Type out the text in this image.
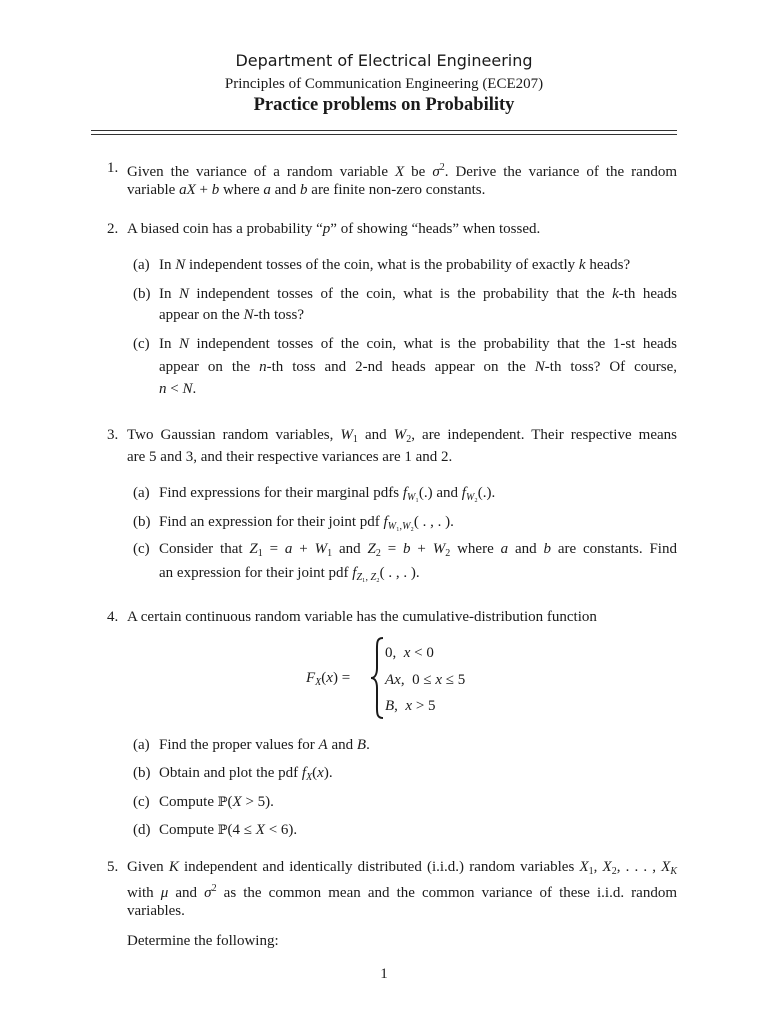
Department of Electrical Engineering
Principles of Communication Engineering (ECE207)
Practice problems on Probability
1. Given the variance of a random variable X be $\sigma^2$. Derive the variance of the random
variable aX + b where a and b are finite non-zero constants.
2. A biased coin has a probability “p” of showing “heads” when tossed.
(a) In N independent tosses of the coin, what is the probability of exactly k heads?
(b) In N independent tosses of the coin, what is the probability that the k-th heads
appear on the N-th toss?
(c) In N independent tosses of the coin, what is the probability that the 1-st heads
appear on the n-th toss and 2-nd heads appear on the N-th toss? Of course,
n < N.
3. Two Gaussian random variables, $W_1$ and $W_2$, are independent. Their respective means
are 5 and 3, and their respective variances are 1 and 2.
(a) Find expressions for their marginal pdfs $f_{W_1}(.)$ and $f_{W_2}(.)$.
(b) Find an expression for their joint pdf $f_{W_1,W_2}$( . , . ).
(c) Consider that $Z_1 = a + W_1$ and $Z_2 = b + W_2$ where a and b are constants. Find
an expression for their joint pdf $f_{Z_1, Z_2}$( . , . ).
4. A certain continuous random variable has the cumulative-distribution function
$F_X(x)$ =
0,  x < 0
Ax,  0 ≤ x ≤ 5
B,  x > 5
(a) Find the proper values for A and B.
(b) Obtain and plot the pdf $f_X(x)$.
(c) Compute ℙ(X > 5).
(d) Compute ℙ(4 ≤ X < 6).
5. Given K independent and identically distributed (i.i.d.) random variables $X_1$, $X_2$, . . . , $X_K$
with μ and $\sigma^2$ as the common mean and the common variance of these i.i.d. random
variables.
Determine the following:
1
